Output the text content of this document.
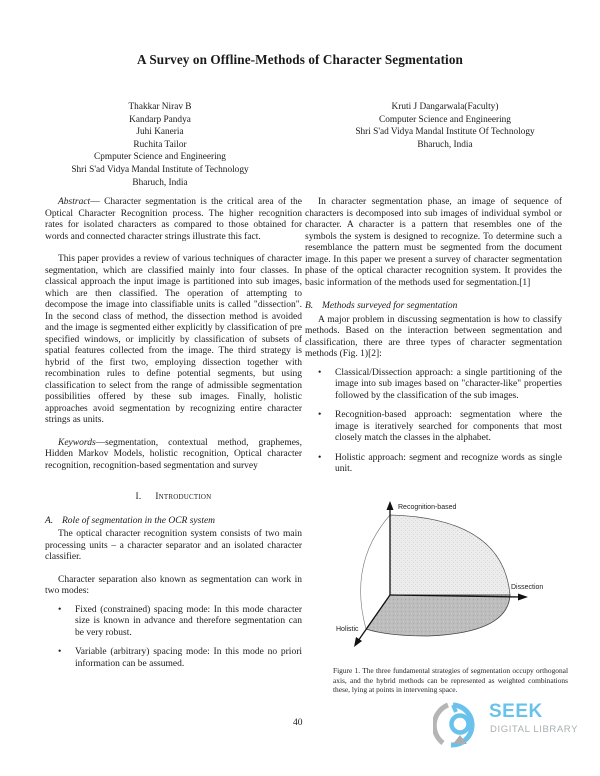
A Survey on Offline-Methods of Character Segmentation
Thakkar Nirav B
Kandarp Pandya
Juhi Kaneria
Ruchita Tailor
Cpmputer Science and Engineering
Shri S'ad Vidya Mandal Institute of Technology
Bharuch, India
Kruti J Dangarwala(Faculty)
Computer Science and Engineering
Shri S'ad Vidya Mandal Institute Of Technology
Bharuch, India

Abstract— Character segmentation is the critical area of the Optical Character Recognition process. The higher recognition rates for isolated characters as compared to those obtained for words and connected character strings illustrate this fact.

This paper provides a review of various techniques of character segmentation, which are classified mainly into four classes. In classical approach the input image is partitioned into sub images, which are then classified. The operation of attempting to decompose the image into classifiable units is called "dissection". In the second class of method, the dissection method is avoided and the image is segmented either explicitly by classification of pre specified windows, or implicitly by classification of subsets of spatial features collected from the image. The third strategy is hybrid of the first two, employing dissection together with recombination rules to define potential segments, but using classification to select from the range of admissible segmentation possibilities offered by these sub images. Finally, holistic approaches avoid segmentation by recognizing entire character strings as units.

Keywords—segmentation, contextual method, graphemes, Hidden Markov Models, holistic recognition, Optical character recognition, recognition-based segmentation and survey

I. Introduction
A. Role of segmentation in the OCR system

The optical character recognition system consists of two main processing units – a character separator and an isolated character classifier.

Character separation also known as segmentation can work in two modes:

• Fixed (constrained) spacing mode: In this mode character size is known in advance and therefore segmentation can be very robust.
• Variable (arbitrary) spacing mode: In this mode no priori information can be assumed.

In character segmentation phase, an image of sequence of characters is decomposed into sub images of individual symbol or character. A character is a pattern that resembles one of the symbols the system is designed to recognize. To determine such a resemblance the pattern must be segmented from the document image. In this paper we present a survey of character segmentation phase of the optical character recognition system. It provides the basic information of the methods used for segmentation.[1]

B. Methods surveyed for segmentation

A major problem in discussing segmentation is how to classify methods. Based on the interaction between segmentation and classification, there are three types of character segmentation methods (Fig. 1)[2]:

• Classical/Dissection approach: a single partitioning of the image into sub images based on "character-like" properties followed by the classification of the sub images.
• Recognition-based approach: segmentation where the image is iteratively searched for components that most closely match the classes in the alphabet.
• Holistic approach: segment and recognize words as single unit.
Recognition-based
Dissection
Holistic
Figure 1. The three fundamental strategies of segmentation occupy orthogonal axis, and the hybrid methods can be represented as weighted combinations these, lying at points in intervening space.
40
SEEK
DIGITAL LIBRARY
